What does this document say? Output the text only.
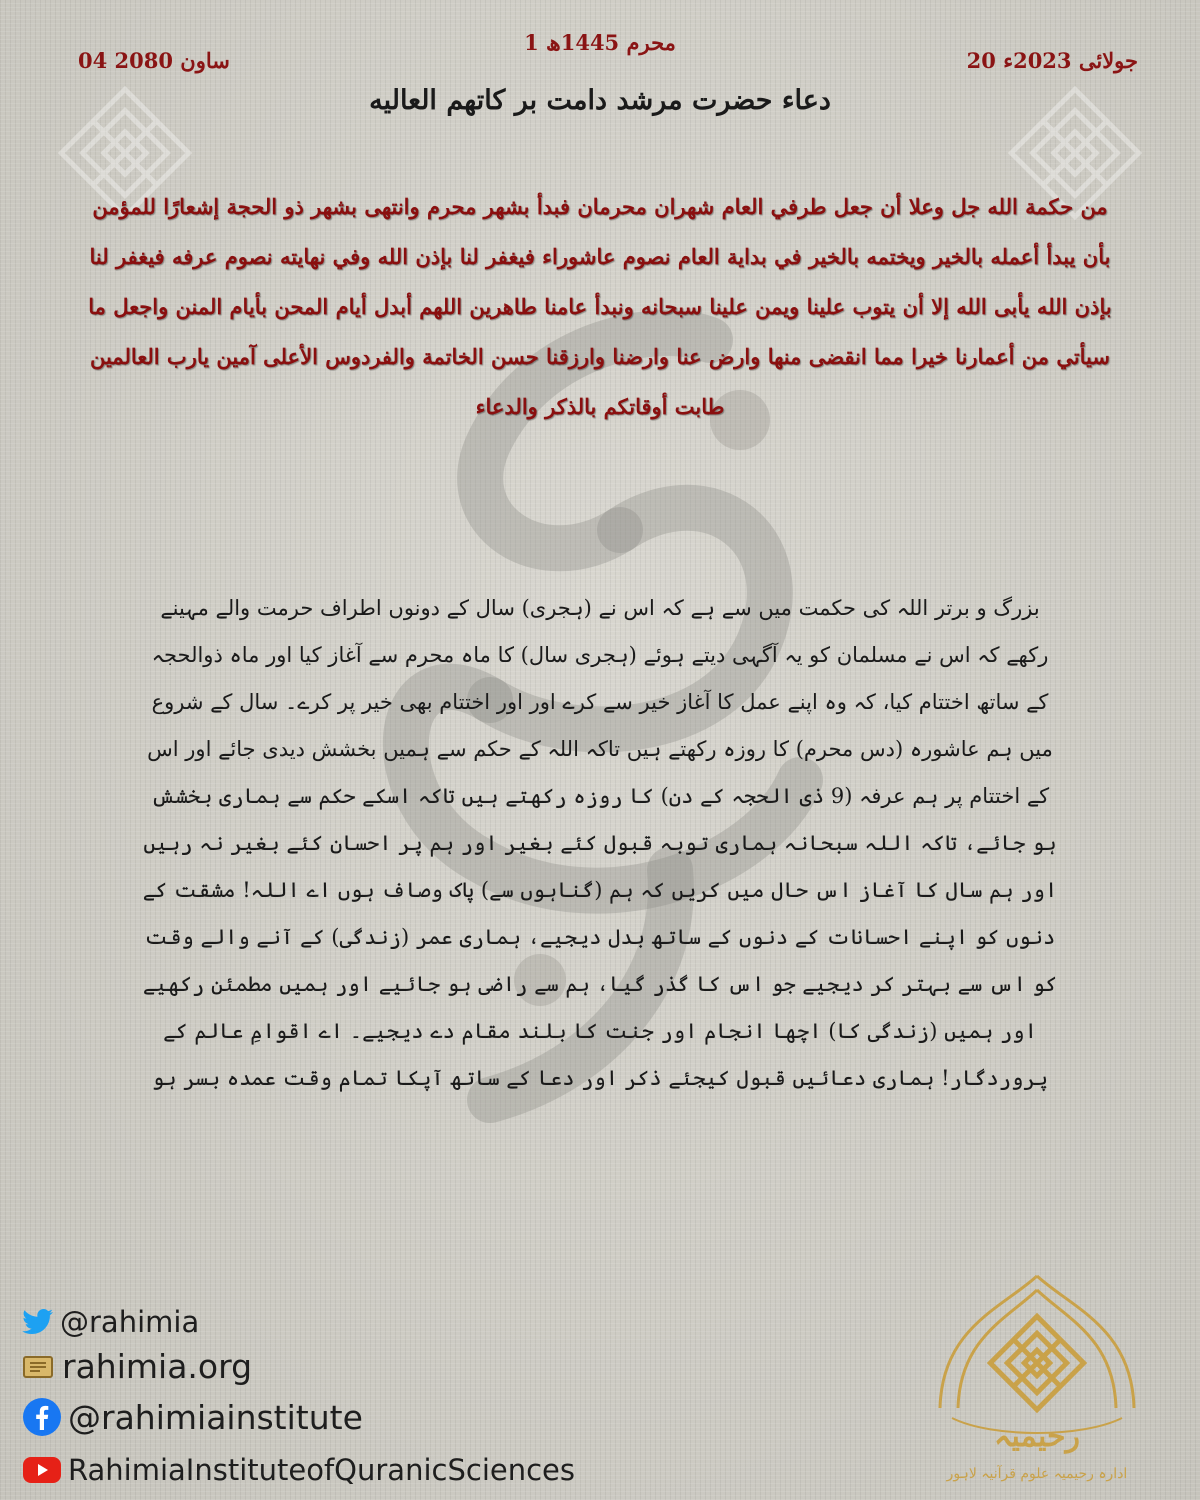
1 محرم 1445ھ
20 جولائی 2023ء
04 ساون 2080
دعاء حضرت مرشد دامت بر کاتهم العالیه
من حكمة الله جل وعلا أن جعل طرفي العام شهران محرمان فبدأ بشهر محرم وانتهى بشهر ذو الحجة إشعارًا للمؤمن بأن يبدأ أعمله بالخير ويختمه بالخير في بداية العام نصوم عاشوراء فيغفر لنا بإذن الله وفي نهايته نصوم عرفه فيغفر لنا بإذن الله يأبى الله إلا أن يتوب علينا ويمن علينا سبحانه ونبدأ عامنا طاهرين اللهم أبدل أيام المحن بأيام المنن واجعل ما سيأتي من أعمارنا خيرا مما انقضى منها وارض عنا وارضنا وارزقنا حسن الخاتمة والفردوس الأعلى آمين يارب العالمين طابت أوقاتكم بالذكر والدعاء
بزرگ و برتر اللہ کی حکمت میں سے ہے کہ اس نے (ہجری) سال کے دونوں اطراف حرمت والے مہینے رکھے کہ اس نے مسلمان کو یہ آگہی دیتے ہوئے (ہجری سال) کا ماہ محرم سے آغاز کیا اور ماہ ذوالحجہ کے ساتھ اختتام کیا، کہ وہ اپنے عمل کا آغاز خیر سے کرے اور اور اختتام بھی خیر پر کرے۔ سال کے شروع میں ہم عاشورہ (دس محرم) کا روزہ رکھتے ہیں تاکہ اللہ کے حکم سے ہمیں بخشش دیدی جائے اور اس کے اختتام پر ہم عرفہ (9 ذی الحجہ کے دن) کا روزہ رکھتے ہیں تاکہ اسکے حکم سے ہماری بخشش ہو جائے، تاکہ اللہ سبحانہ ہماری توبہ قبول کئے بغیر اور ہم پر احسان کئے بغیر نہ رہیں اور ہم سال کا آغاز اس حال میں کریں کہ ہم (گناہوں سے) پاک وصاف ہوں اے اللہ! مشقت کے دنوں کو اپنے احسانات کے دنوں کے ساتھ بدل دیجیے، ہماری عمر (زندگی) کے آنے والے وقت کو اس سے بہتر کر دیجیے جو اس کا گذر گیا، ہم سے راضی ہو جائیے اور ہمیں مطمئن رکھیے اور ہمیں (زندگی کا) اچھا انجام اور جنت کا بلند مقام دے دیجیے۔ اے اقوامِ عالم کے پروردگار! ہماری دعائیں قبول کیجئے ذکر اور دعا کے ساتھ آپکا تمام وقت عمدہ بسر ہو
@rahimia
rahimia.org
@rahimiainstitute
RahimiaInstituteofQuranicSciences
رحیمیہ
ادارہ رحیمیہ علوم قرآنیہ لاہور
